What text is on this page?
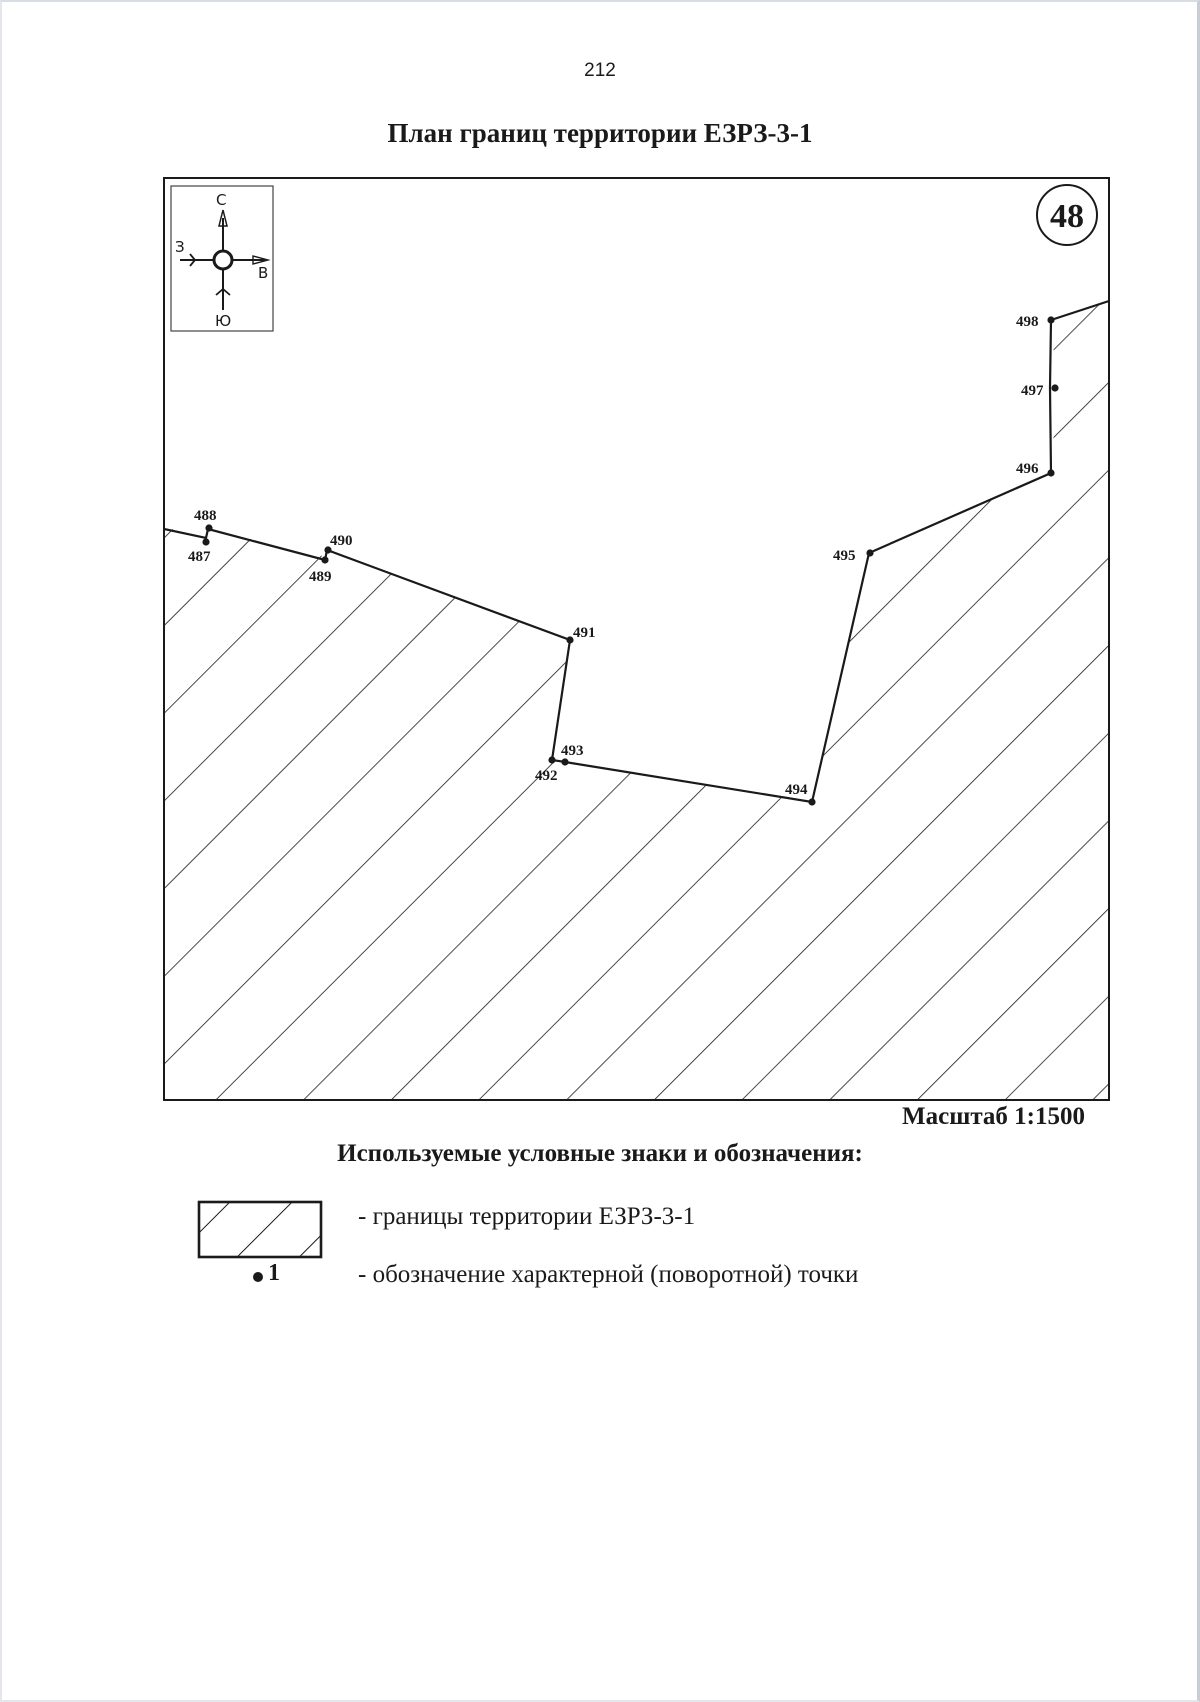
212
План границ территории ЕЗРЗ-3-1
С
Ю
З
В
48
487
488
489
490
491
492
493
494
495
496
497
498
Масштаб 1:1500
Используемые условные знаки и обозначения:
1
- границы территории ЕЗРЗ-3-1
- обозначение характерной (поворотной) точки
